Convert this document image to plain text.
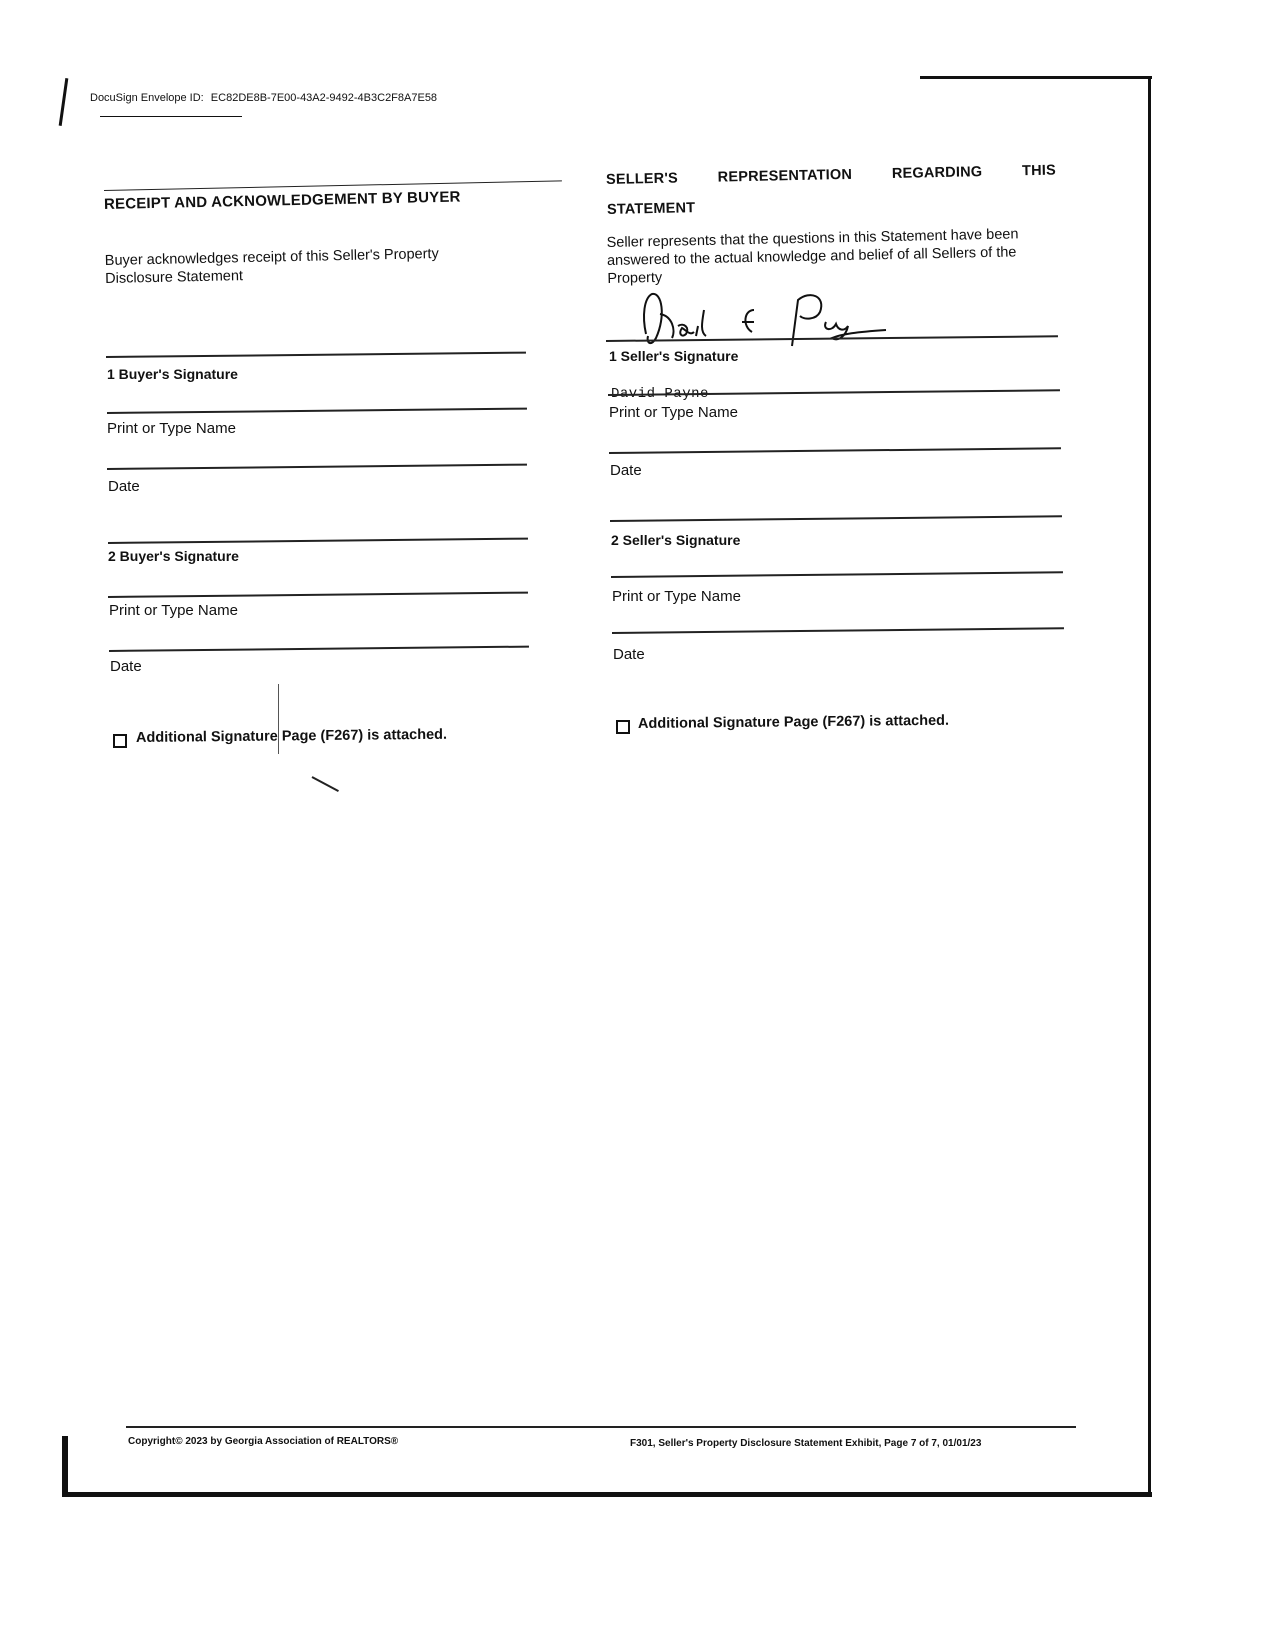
DocuSign Envelope ID: EC82DE8B-7E00-43A2-9492-4B3C2F8A7E58
RECEIPT AND ACKNOWLEDGEMENT BY BUYER
Buyer acknowledges receipt of this Seller's Property Disclosure Statement
1 Buyer's Signature
Print or Type Name
Date
2 Buyer's Signature
Print or Type Name
Date
Additional Signature Page (F267) is attached.
SELLER'S REPRESENTATION REGARDING THIS
STATEMENT
Seller represents that the questions in this Statement have been answered to the actual knowledge and belief of all Sellers of the Property
1 Seller's Signature
David Payne
Print or Type Name
Date
2 Seller's Signature
Print or Type Name
Date
Additional Signature Page (F267) is attached.
Copyright© 2023 by Georgia Association of REALTORS®	F301, Seller's Property Disclosure Statement Exhibit, Page 7 of 7, 01/01/23
